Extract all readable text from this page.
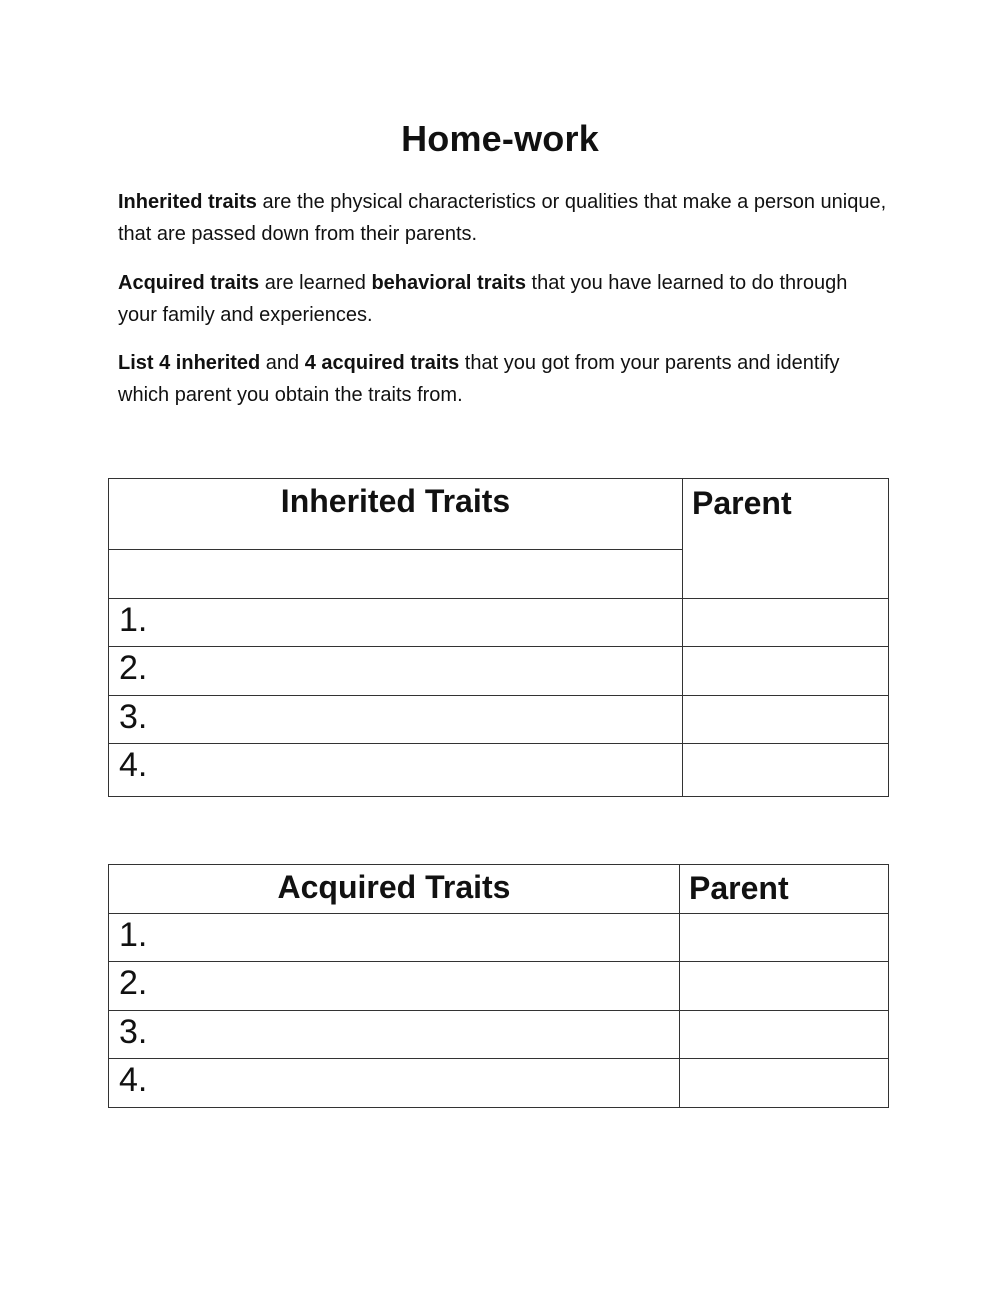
Home-work
Inherited traits are the physical characteristics or qualities that make a person unique, that are passed down from their parents.
Acquired traits are learned behavioral traits that you have learned to do through your family and experiences.
List 4 inherited and 4 acquired traits that you got from your parents and identify which parent you obtain the traits from.
Inherited Traits	Parent
1.
2.
3.
4.
Acquired Traits	Parent
1.
2.
3.
4.
